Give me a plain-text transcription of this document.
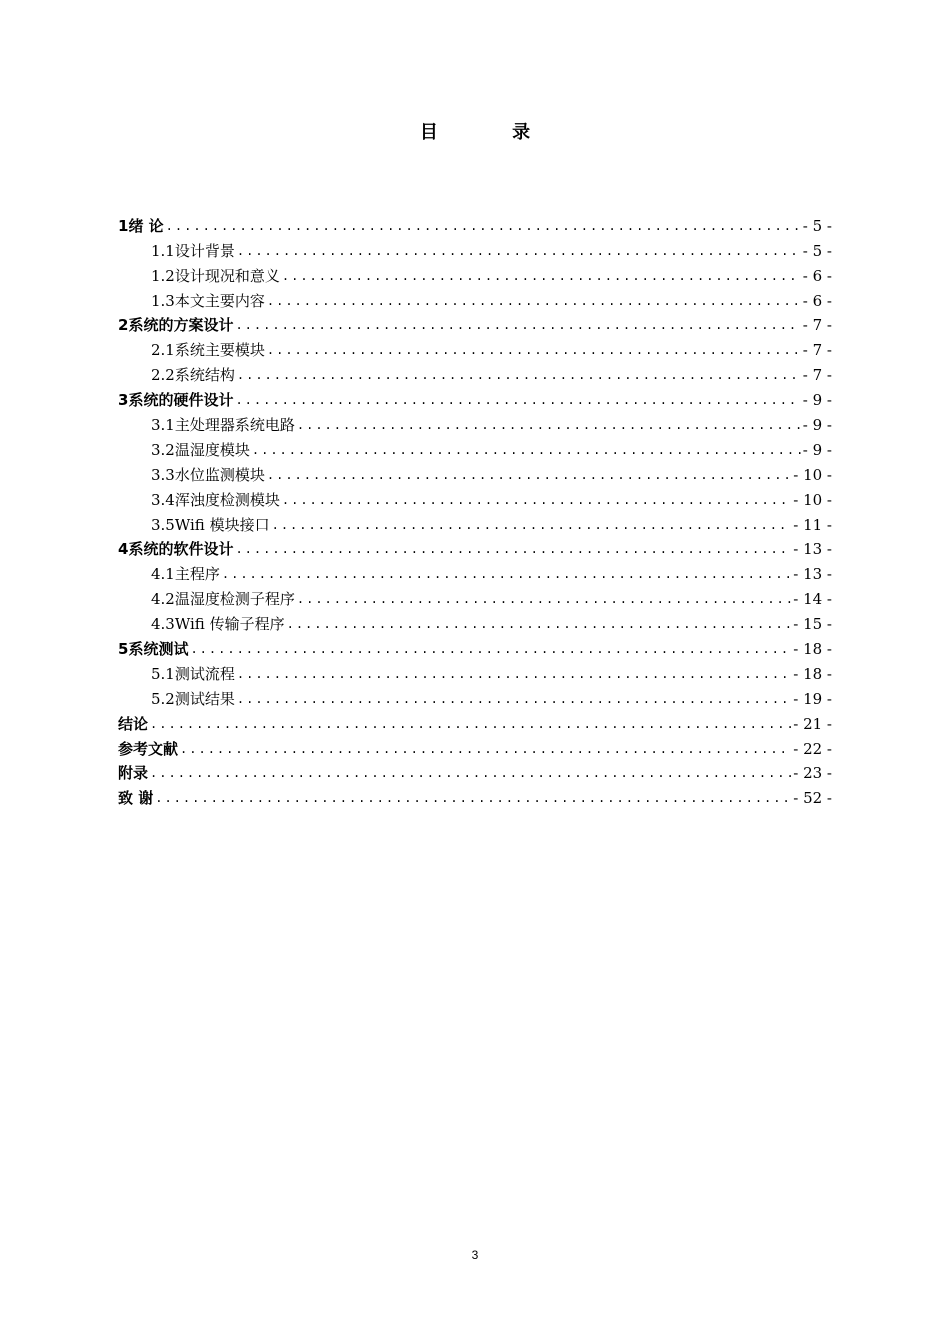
目 录
1 绪 论 .....	- 5 -
1.1 设计背景 .....	- 5 -
1.2 设计现况和意义 .....	- 6 -
1.3 本文主要内容 .....	- 6 -
2 系统的方案设计 .....	- 7 -
2.1 系统主要模块 .....	- 7 -
2.2 系统结构 .....	- 7 -
3 系统的硬件设计 .....	- 9 -
3.1 主处理器系统电路 .....	- 9 -
3.2 温湿度模块 .....	- 9 -
3.3 水位监测模块 .....	- 10 -
3.4 浑浊度检测模块 .....	- 10 -
3.5 Wifi 模块接口 .....	- 11 -
4 系统的软件设计 .....	- 13 -
4.1 主程序 .....	- 13 -
4.2 温湿度检测子程序 .....	- 14 -
4.3 Wifi 传输子程序 .....	- 15 -
5 系统测试 .....	- 18 -
5.1 测试流程 .....	- 18 -
5.2 测试结果 .....	- 19 -
结论 .....	- 21 -
参考文献 .....	- 22 -
附录 .....	- 23 -
致 谢 .....	- 52 -
3
